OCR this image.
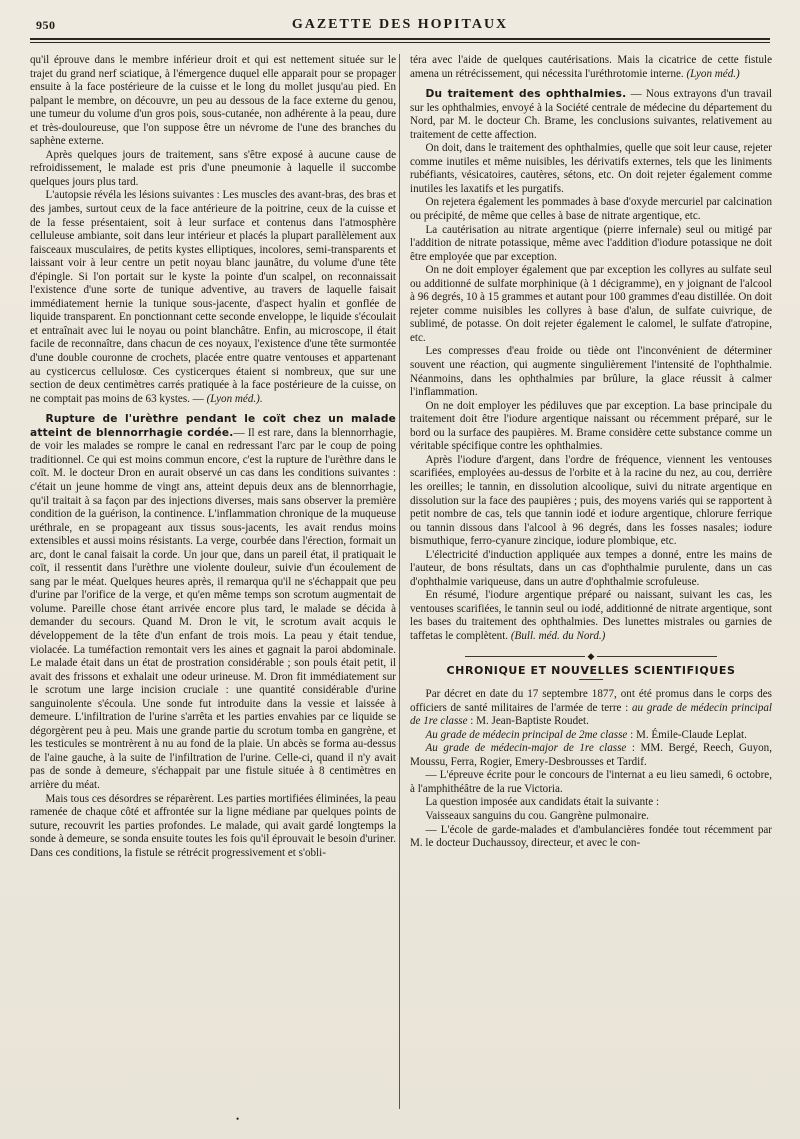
950	GAZETTE DES HOPITAUX

qu'il éprouve dans le membre inférieur droit et qui est nettement située sur le trajet du grand nerf sciatique, à l'émergence duquel elle apparait pour se propager ensuite à la face postérieure de la cuisse et le long du mollet jusqu'au pied. En palpant le membre, on découvre, un peu au dessous de la face externe du genou, une tumeur du volume d'un gros pois, sous-cutanée, non adhérente à la peau, dure et très-douloureuse, que l'on suppose être un névrome de l'une des branches du saphène externe.

Après quelques jours de traitement, sans s'être exposé à aucune cause de refroidissement, le malade est pris d'une pneumonie à laquelle il succombe quelques jours plus tard.

L'autopsie révéla les lésions suivantes : Les muscles des avant-bras, des bras et des jambes, surtout ceux de la face antérieure de la poitrine, ceux de la cuisse et de la fesse présentaient, soit à leur surface et contenus dans l'atmosphère celluleuse ambiante, soit dans leur intérieur et placés la plupart parallèlement aux faisceaux musculaires, de petits kystes elliptiques, incolores, semi-transparents et laissant voir à leur centre un petit noyau blanc jaunâtre, du volume d'une tête d'épingle. Si l'on portait sur le kyste la pointe d'un scalpel, on reconnaissait l'existence d'une sorte de tunique adventive, au travers de laquelle faisait immédiatement hernie la tunique sous-jacente, d'aspect hyalin et gonflée de liquide transparent. En ponctionnant cette seconde enveloppe, le liquide s'écoulait et entraînait avec lui le noyau ou point blanchâtre. Enfin, au microscope, il était facile de reconnaître, dans chacun de ces noyaux, l'existence d'une tête surmontée d'une double couronne de crochets, placée entre quatre ventouses et appartenant au cysticercus cellulosœ. Ces cysticerques étaient si nombreux, que sur une section de deux centimètres carrés pratiquée à la face postérieure de la cuisse, on ne comptait pas moins de 63 kystes. — (Lyon méd.).

Rupture de l'urèthre pendant le coït chez un malade atteint de blennorrhagie cordée.— Il est rare, dans la blennorrhagie, de voir les malades se rompre le canal en redressant l'arc par le coup de poing traditionnel. Ce qui est moins commun encore, c'est la rupture de l'urèthre dans le coït. M. le docteur Dron en aurait observé un cas dans les conditions suivantes : c'était un jeune homme de vingt ans, atteint depuis deux ans de blennorrhagie, qu'il traitait à sa façon par des injections diverses, mais sans observer la première condition de la guérison, la continence. L'inflammation chronique de la muqueuse uréthrale, en se propageant aux tissus sous-jacents, les avait rendus moins extensibles et aussi moins résistants. La verge, courbée dans l'érection, formait un arc, dont le canal faisait la corde. Un jour que, dans un pareil état, il pratiquait le coït, il ressentit dans l'urèthre une violente douleur, suivie d'un écoulement de sang par le méat. Quelques heures après, il remarqua qu'il ne s'échappait que peu d'urine par l'orifice de la verge, et qu'en même temps son scrotum augmentait de volume. Pareille chose étant arrivée encore plus tard, le malade se décida à demander du secours. Quand M. Dron le vit, le scrotum avait acquis le développement de la tête d'un enfant de trois mois. La peau y était tendue, violacée. La tuméfaction remontait vers les aines et gagnait la paroi abdominale. Le malade était dans un état de prostration considérable ; son pouls était petit, il avait des frissons et exhalait une odeur urineuse. M. Dron fit immédiatement sur le scrotum une large incision cruciale : une quantité considérable d'urine sanguinolente s'écoula. Une sonde fut introduite dans la vessie et laissée à demeure. L'infiltration de l'urine s'arrêta et les parties envahies par ce liquide se dégorgèrent peu à peu. Mais une grande partie du scrotum tomba en gangrène, et les testicules se montrèrent à nu au fond de la plaie. Un abcès se forma au-dessus de l'aine gauche, à la suite de l'infiltration de l'urine. Celle-ci, quand il n'y avait pas de sonde à demeure, s'échappait par une fistule située à 8 centimètres en arrière du méat.

Mais tous ces désordres se réparèrent. Les parties mortifiées éliminées, la peau ramenée de chaque côté et affrontée sur la ligne médiane par quelques points de suture, recouvrit les parties profondes. Le malade, qui avait gardé longtemps la sonde à demeure, se sonda ensuite toutes les fois qu'il éprouvait le besoin d'uriner. Dans ces conditions, la fistule se rétrécit progressivement et s'obli-

téra avec l'aide de quelques cautérisations. Mais la cicatrice de cette fistule amena un rétrécissement, qui nécessita l'uréthrotomie interne. (Lyon méd.)

Du traitement des ophthalmies. — Nous extrayons d'un travail sur les ophthalmies, envoyé à la Société centrale de médecine du département du Nord, par M. le docteur Ch. Brame, les conclusions suivantes, relativement au traitement de cette affection.

On doit, dans le traitement des ophthalmies, quelle que soit leur cause, rejeter comme inutiles et même nuisibles, les dérivatifs externes, tels que les liniments rubéfiants, vésicatoires, cautères, sétons, etc. On doit rejeter également comme inutiles les laxatifs et les purgatifs.

On rejetera également les pommades à base d'oxyde mercuriel par calcination ou précipité, de même que celles à base de nitrate argentique, etc.

La cautérisation au nitrate argentique (pierre infernale) seul ou mitigé par l'addition de nitrate potassique, même avec l'addition d'iodure potassique ne doit être employée que par exception.

On ne doit employer également que par exception les collyres au sulfate seul ou additionné de sulfate morphinique (à 1 décigramme), en y joignant de l'alcool à 96 degrés, 10 à 15 grammes et autant pour 100 grammes d'eau distillée. On doit rejeter comme nuisibles les collyres à base d'alun, de sulfate cuivrique, de sublimé, de potasse. On doit rejeter également le calomel, le sulfate d'atropine, etc.

Les compresses d'eau froide ou tiède ont l'inconvénient de déterminer souvent une réaction, qui augmente singulièrement l'intensité de l'ophthalmie. Néanmoins, dans les ophthalmies par brûlure, la glace réussit à calmer l'inflammation.

On ne doit employer les pédiluves que par exception. La base principale du traitement doit être l'iodure argentique naissant ou récemment préparé, sur le bord ou la surface des paupières. M. Brame considère cette substance comme un véritable spécifique contre les ophthalmies.

Après l'iodure d'argent, dans l'ordre de fréquence, viennent les ventouses scarifiées, employées au-dessus de l'orbite et à la racine du nez, au cou, derrière les oreilles; le tannin, en dissolution alcoolique, suivi du nitrate argentique en dissolution sur la face des paupières ; puis, des moyens variés qui se rapportent à petit nombre de cas, tels que tannin iodé et iodure argentique, chlorure ferrique ou tannin dissous dans l'alcool à 96 degrés, dans les fosses nasales; iodure bismuthique, ferro-cyanure zincique, iodure plombique, etc.

L'électricité d'induction appliquée aux tempes a donné, entre les mains de l'auteur, de bons résultats, dans un cas d'ophthalmie purulente, dans un cas d'ophthalmie variqueuse, dans un autre d'ophthalmie scrofuleuse.

En résumé, l'iodure argentique préparé ou naissant, suivant les cas, les ventouses scarifiées, le tannin seul ou iodé, additionné de nitrate argentique, sont les bases du traitement des ophthalmies. Des lunettes mistrales ou garnies de taffetas le complètent. (Bull. méd. du Nord.)

◆
CHRONIQUE ET NOUVELLES SCIENTIFIQUES

Par décret en date du 17 septembre 1877, ont été promus dans le corps des officiers de santé militaires de l'armée de terre : au grade de médecin principal de 1re classe : M. Jean-Baptiste Roudet.

Au grade de médecin principal de 2me classe : M. Émile-Claude Leplat.

Au grade de médecin-major de 1re classe : MM. Bergé, Reech, Guyon, Moussu, Ferra, Rogier, Emery-Desbrousses et Tardif.

— L'épreuve écrite pour le concours de l'internat a eu lieu samedi, 6 octobre, à l'amphithéâtre de la rue Victoria.

La question imposée aux candidats était la suivante :

Vaisseaux sanguins du cou. Gangrène pulmonaire.

— L'école de garde-malades et d'ambulancières fondée tout récemment par M. le docteur Duchaussoy, directeur, et avec le con-

•
